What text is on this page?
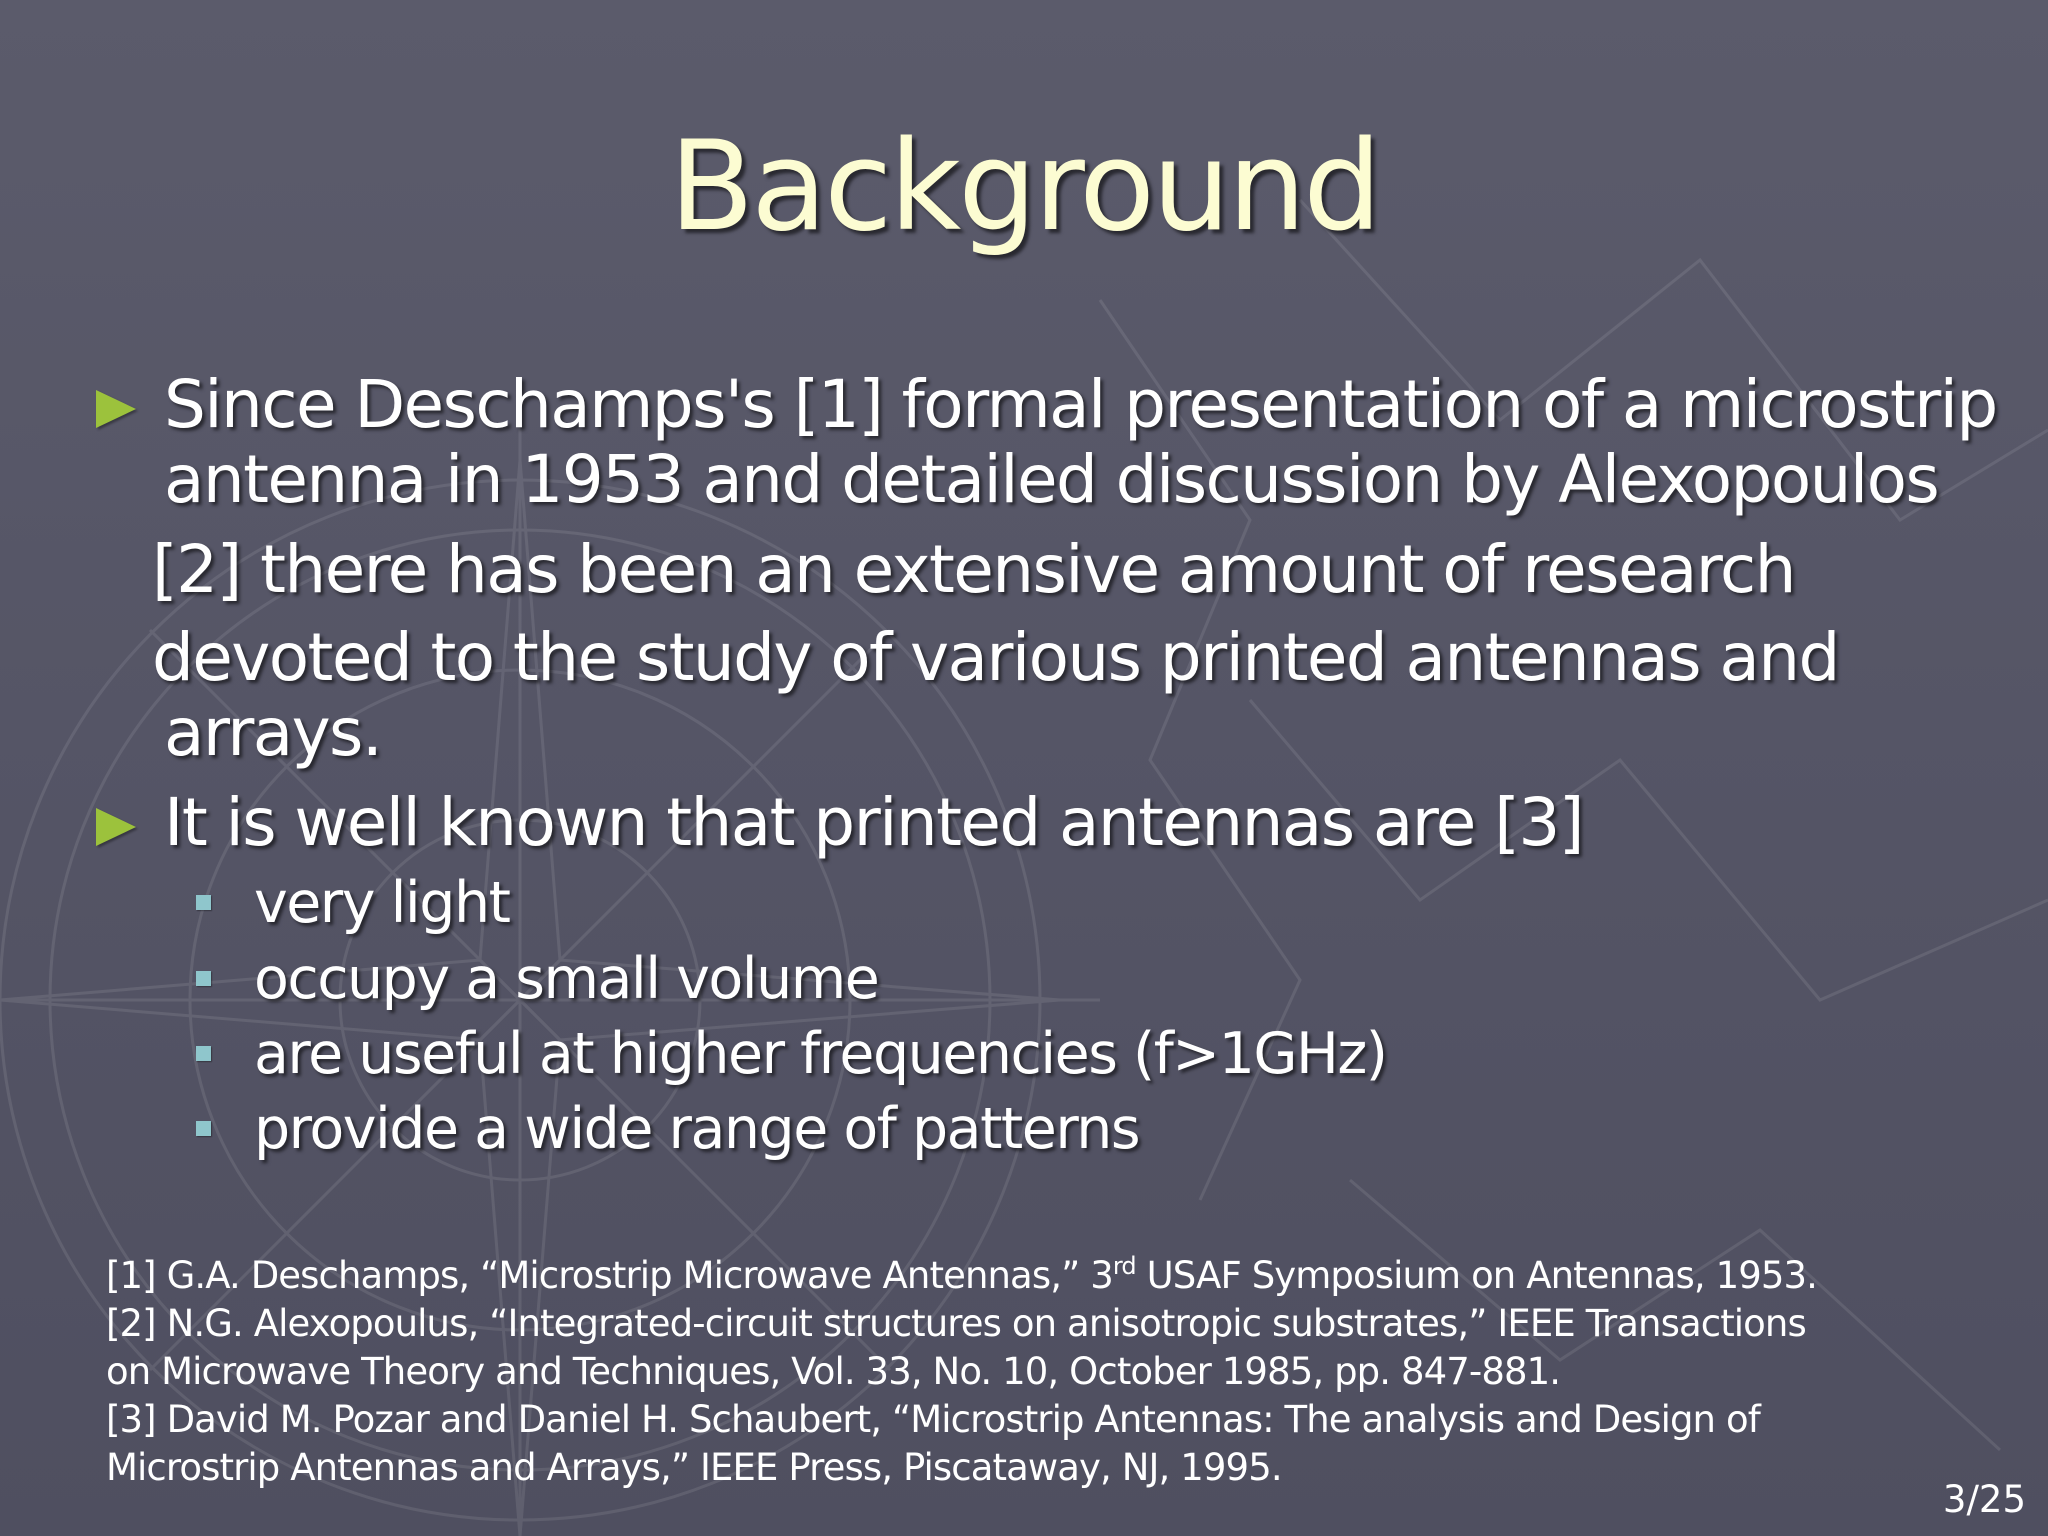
Background
Since Deschamps's [1] formal presentation of a microstrip
antenna in 1953 and detailed discussion by Alexopoulos
[2] there has been an extensive amount of research
devoted to the study of various printed antennas and
arrays.
It is well known that printed antennas are [3]
very light
occupy a small volume
are useful at higher frequencies (f>1GHz)
provide a wide range of patterns
[1] G.A. Deschamps, “Microstrip Microwave Antennas,” 3rd USAF Symposium on Antennas, 1953.
[2] N.G. Alexopoulus, “Integrated-circuit structures on anisotropic substrates,” IEEE Transactions
on Microwave Theory and Techniques, Vol. 33, No. 10, October 1985, pp. 847-881.
[3] David M. Pozar and Daniel H. Schaubert, “Microstrip Antennas: The analysis and Design of
Microstrip Antennas and Arrays,” IEEE Press, Piscataway, NJ, 1995.
3/25
